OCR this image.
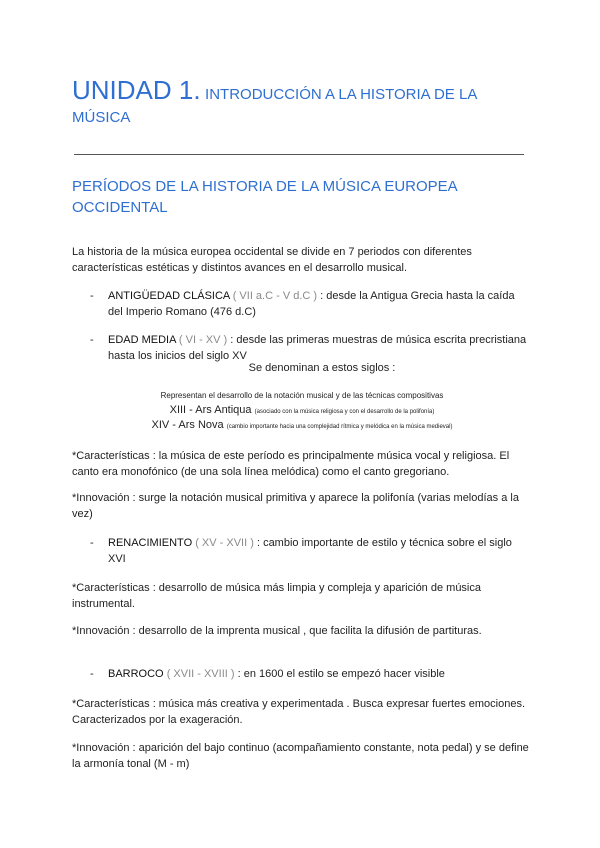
UNIDAD 1. INTRODUCCIÓN A LA HISTORIA DE LA
MÚSICA
PERÍODOS DE LA HISTORIA DE LA MÚSICA EUROPEA OCCIDENTAL
La historia de la música europea occidental se divide en 7 periodos con diferentes características estéticas y distintos avances en el desarrollo musical.
- ANTIGÜEDAD CLÁSICA ( VII a.C - V d.C ) : desde la Antigua Grecia hasta la caída del Imperio Romano (476 d.C)
- EDAD MEDIA ( VI - XV ) : desde las primeras muestras de música escrita precristiana hasta los inicios del siglo XV
Se denominan a estos siglos :
Representan el desarrollo de la notación musical y de las técnicas compositivas
XIII - Ars Antiqua (asociado con la música religiosa y con el desarrollo de la polifonía)
XIV - Ars Nova (cambio importante hacia una complejidad rítmica y melódica en la música medieval)
*Características : la música de este período es principalmente música vocal y religiosa. El canto era monofónico (de una sola línea melódica) como el canto gregoriano.
*Innovación : surge la notación musical primitiva y aparece la polifonía (varias melodías a la vez)
- RENACIMIENTO ( XV - XVII ) : cambio importante de estilo y técnica sobre el siglo XVI
*Características : desarrollo de música más limpia y compleja y aparición de música instrumental.
*Innovación : desarrollo de la imprenta musical , que facilita la difusión de partituras.
- BARROCO ( XVII - XVIII ) : en 1600 el estilo se empezó hacer visible
*Características : música más creativa y experimentada . Busca expresar fuertes emociones. Caracterizados por la exageración.
*Innovación : aparición del bajo continuo (acompañamiento constante, nota pedal) y se define la armonía tonal (M - m)
